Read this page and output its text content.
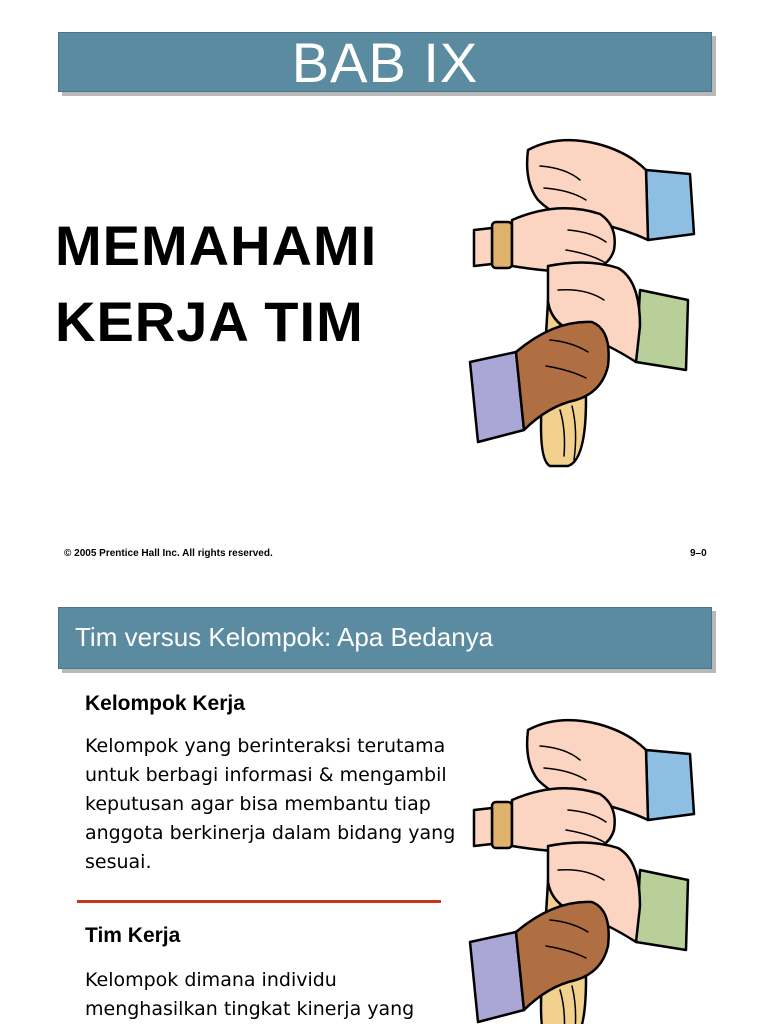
BAB IX
MEMAHAMI
KERJA TIM
© 2005 Prentice Hall Inc. All rights reserved.	9–0
Tim versus Kelompok: Apa Bedanya
Kelompok Kerja

Kelompok yang berinteraksi terutama untuk berbagi informasi & mengambil keputusan agar bisa membantu tiap anggota berkinerja dalam bidang yang sesuai.

Tim Kerja

Kelompok dimana individu menghasilkan tingkat kinerja yang
